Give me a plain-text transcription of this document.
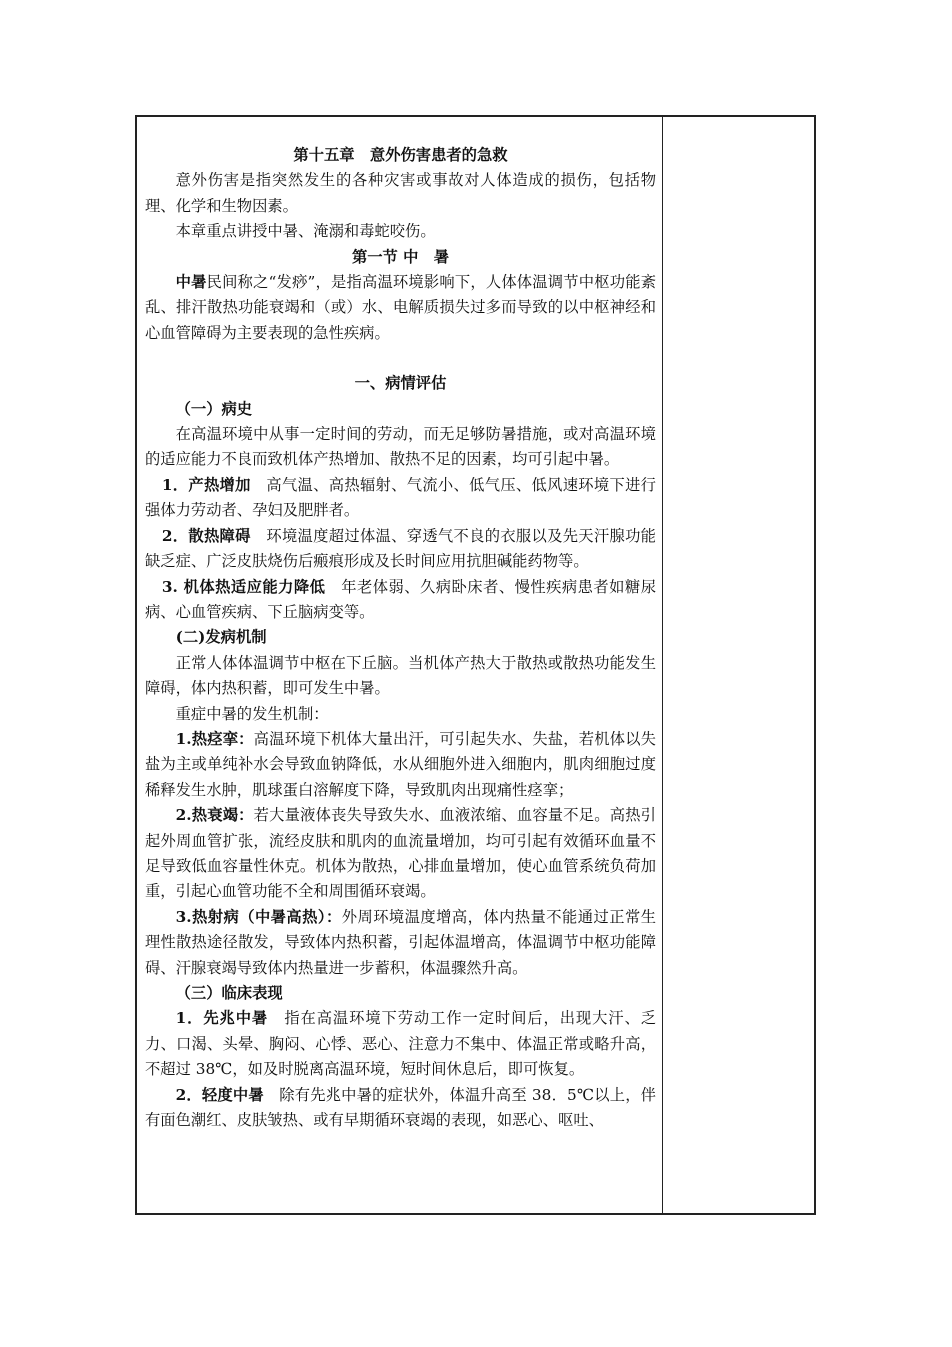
第十五章　意外伤害患者的急救

意外伤害是指突然发生的各种灾害或事故对人体造成的损伤，包括物理、化学和生物因素。

本章重点讲授中暑、淹溺和毒蛇咬伤。

第一节 中　暑

中暑民间称之“发痧”，是指高温环境影响下，人体体温调节中枢功能紊乱、排汗散热功能衰竭和（或）水、电解质损失过多而导致的以中枢神经和心血管障碍为主要表现的急性疾病。

一、病情评估

（一）病史

在高温环境中从事一定时间的劳动，而无足够防暑措施，或对高温环境的适应能力不良而致机体产热增加、散热不足的因素，均可引起中暑。

1．产热增加　高气温、高热辐射、气流小、低气压、低风速环境下进行强体力劳动者、孕妇及肥胖者。

2．散热障碍　环境温度超过体温、穿透气不良的衣服以及先天汗腺功能缺乏症、广泛皮肤烧伤后瘢痕形成及长时间应用抗胆碱能药物等。

3. 机体热适应能力降低　年老体弱、久病卧床者、慢性疾病患者如糖尿病、心血管疾病、下丘脑病变等。

(二)发病机制

正常人体体温调节中枢在下丘脑。当机体产热大于散热或散热功能发生障碍，体内热积蓄，即可发生中暑。

重症中暑的发生机制：

1.热痉挛：高温环境下机体大量出汗，可引起失水、失盐，若机体以失盐为主或单纯补水会导致血钠降低，水从细胞外进入细胞内，肌肉细胞过度稀释发生水肿，肌球蛋白溶解度下降，导致肌肉出现痛性痉挛；

2.热衰竭：若大量液体丧失导致失水、血液浓缩、血容量不足。高热引起外周血管扩张，流经皮肤和肌肉的血流量增加，均可引起有效循环血量不足导致低血容量性休克。机体为散热，心排血量增加，使心血管系统负荷加重，引起心血管功能不全和周围循环衰竭。

3.热射病（中暑高热）：外周环境温度增高，体内热量不能通过正常生理性散热途径散发，导致体内热积蓄，引起体温增高，体温调节中枢功能障碍、汗腺衰竭导致体内热量进一步蓄积，体温骤然升高。

（三）临床表现

1．先兆中暑　指在高温环境下劳动工作一定时间后，出现大汗、乏力、口渴、头晕、胸闷、心悸、恶心、注意力不集中、体温正常或略升高，不超过 38℃，如及时脱离高温环境，短时间休息后，即可恢复。

2．轻度中暑　除有先兆中暑的症状外，体温升高至 38．5℃以上，伴有面色潮红、皮肤皱热、或有早期循环衰竭的表现，如恶心、呕吐、
